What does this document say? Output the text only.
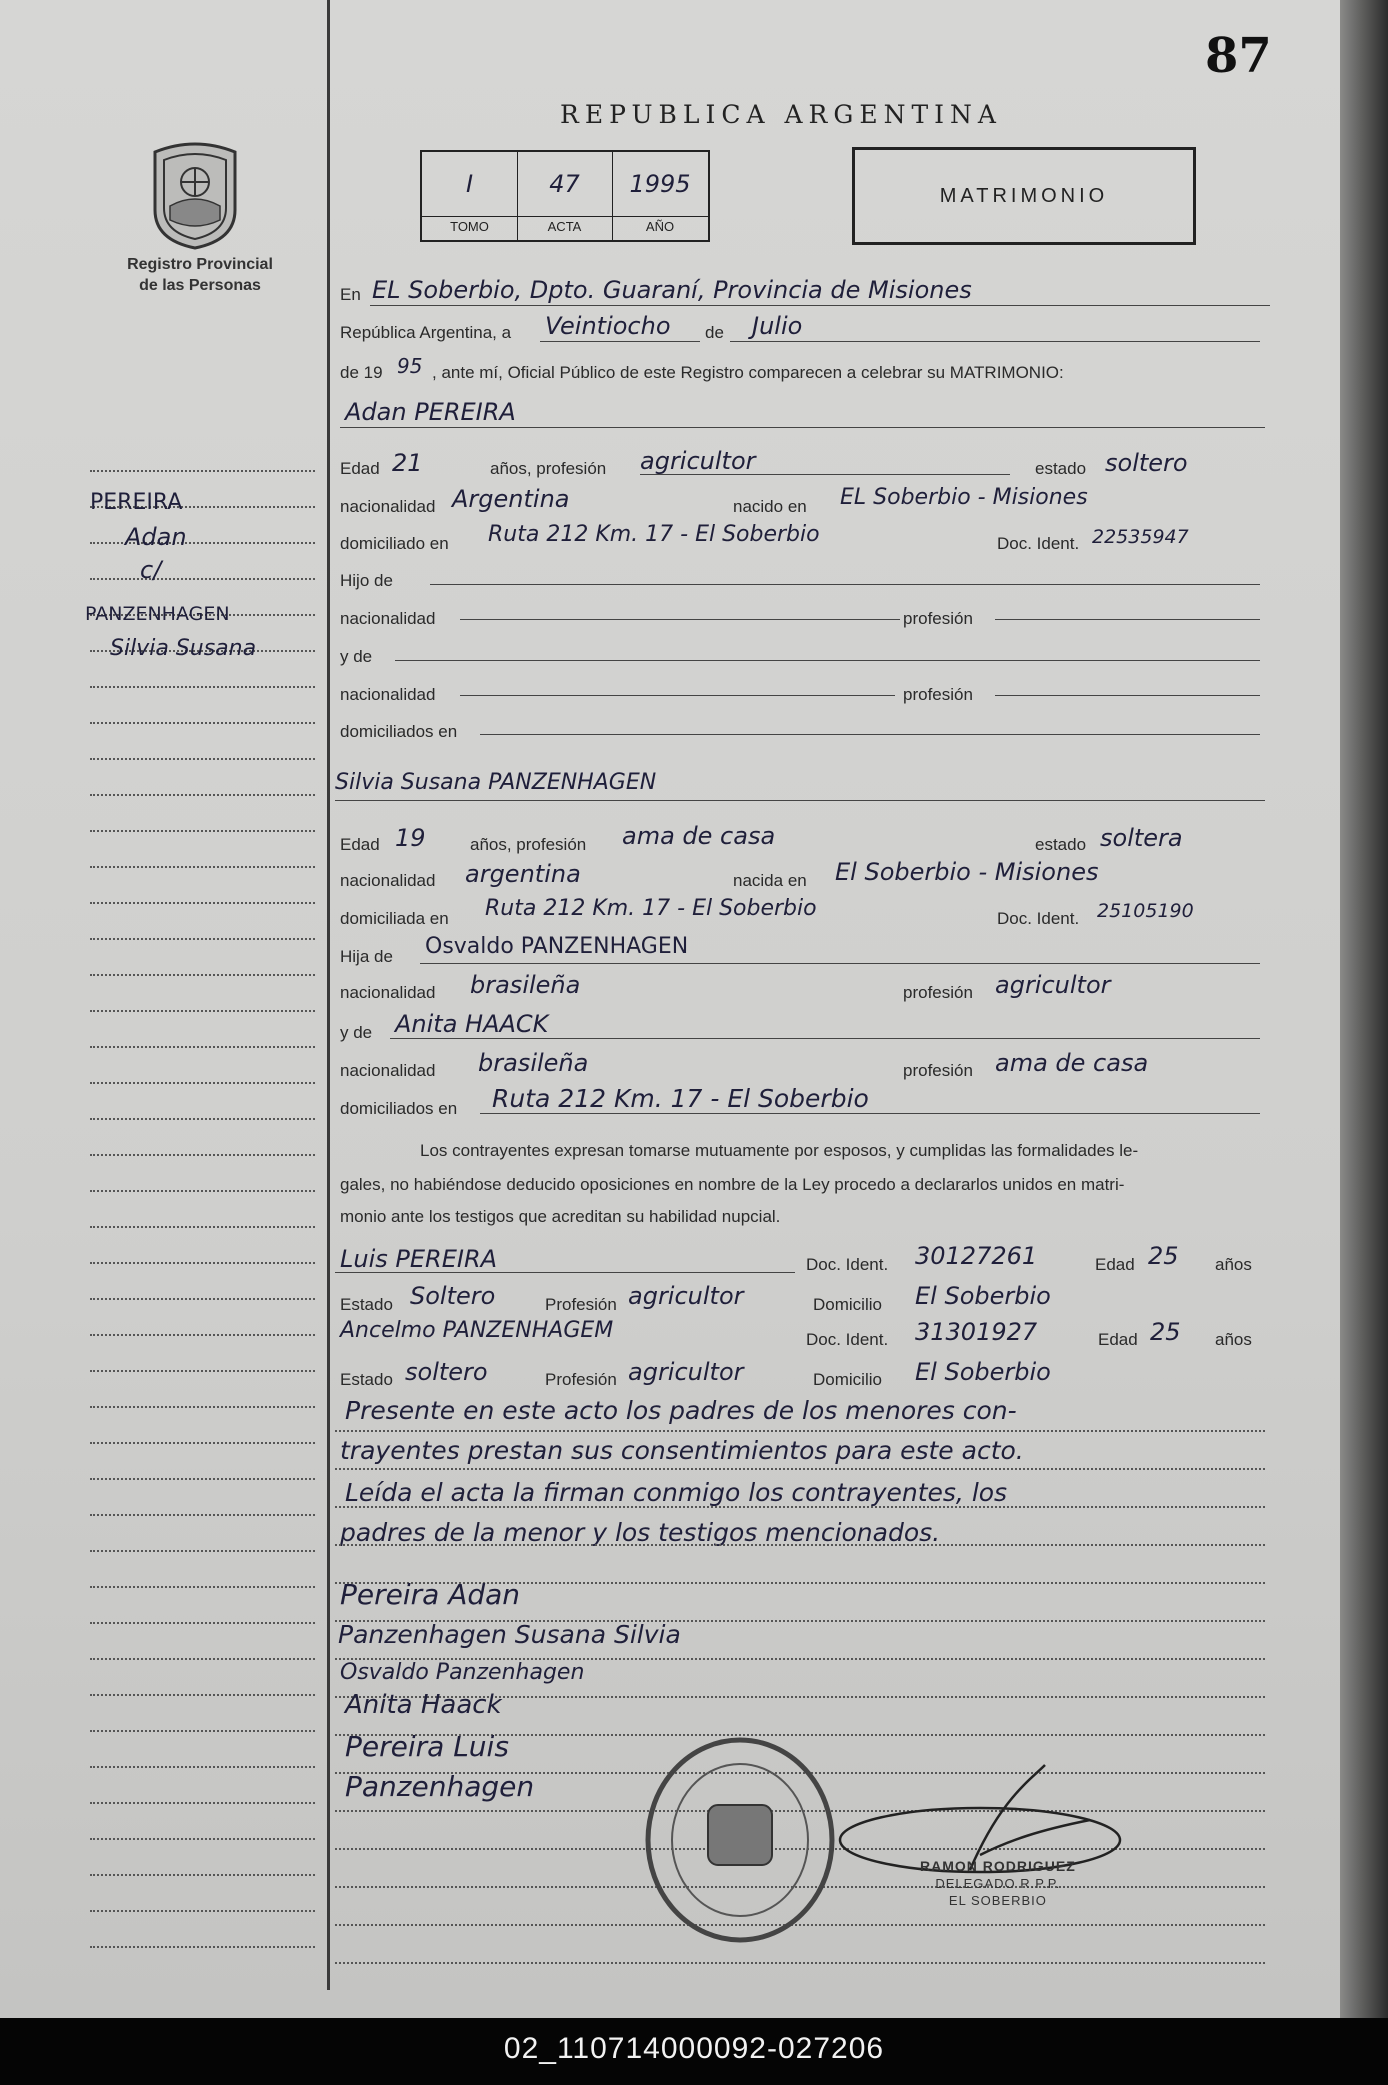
87
REPUBLICA ARGENTINA
Registro Provincial
de las Personas
I
TOMO
47
ACTA
1995
AÑO
MATRIMONIO
En EL Soberbio, Dpto. Guaraní, Provincia de Misiones
República Argentina, a Veintiocho de Julio
de 19 95 , ante mí, Oficial Público de este Registro comparecen a celebrar su MATRIMONIO:
Adan PEREIRA
Edad 21	años, profesión agricultor	estado soltero
nacionalidad Argentina	nacido en EL Soberbio - Misiones
domiciliado en Ruta 212 Km. 17 - El Soberbio	Doc. Ident. 22535947
Hijo de
nacionalidad	profesión
y de
nacionalidad	profesión
domiciliados en
Silvia Susana PANZENHAGEN
Edad 19	años, profesión ama de casa	estado soltera
nacionalidad argentina	nacida en El Soberbio - Misiones
domiciliada en Ruta 212 Km. 17 - El Soberbio	Doc. Ident. 25105190
Hija de Osvaldo PANZENHAGEN
nacionalidad brasileña	profesión agricultor
y de Anita HAACK
nacionalidad brasileña	profesión ama de casa
domiciliados en Ruta 212 Km. 17 - El Soberbio
Los contrayentes expresan tomarse mutuamente por esposos, y cumplidas las formalidades le-
gales, no habiéndose deducido oposiciones en nombre de la Ley procedo a declararlos unidos en matri-
monio ante los testigos que acreditan su habilidad nupcial.
Luis PEREIRA	Doc. Ident. 30127261	Edad 25 años
Estado Soltero	Profesión agricultor	Domicilio El Soberbio
Ancelmo PANZENHAGEM	Doc. Ident. 31301927	Edad 25 años
Estado soltero	Profesión agricultor	Domicilio El Soberbio
Presente en este acto los padres de los menores con-
trayentes prestan sus consentimientos para este acto.
Leída el acta la firman conmigo los contrayentes, los
padres de la menor y los testigos mencionados.
Pereira Adan
Panzenhagen Susana Silvia
Osvaldo Panzenhagen
Anita Haack
Pereira Luis
Panzenhagen
PEREIRA
Adan
c/
PANZENHAGEN
Silvia Susana
RAMON RODRIGUEZ
DELEGADO R.P.P.
EL SOBERBIO
02_110714000092-027206
